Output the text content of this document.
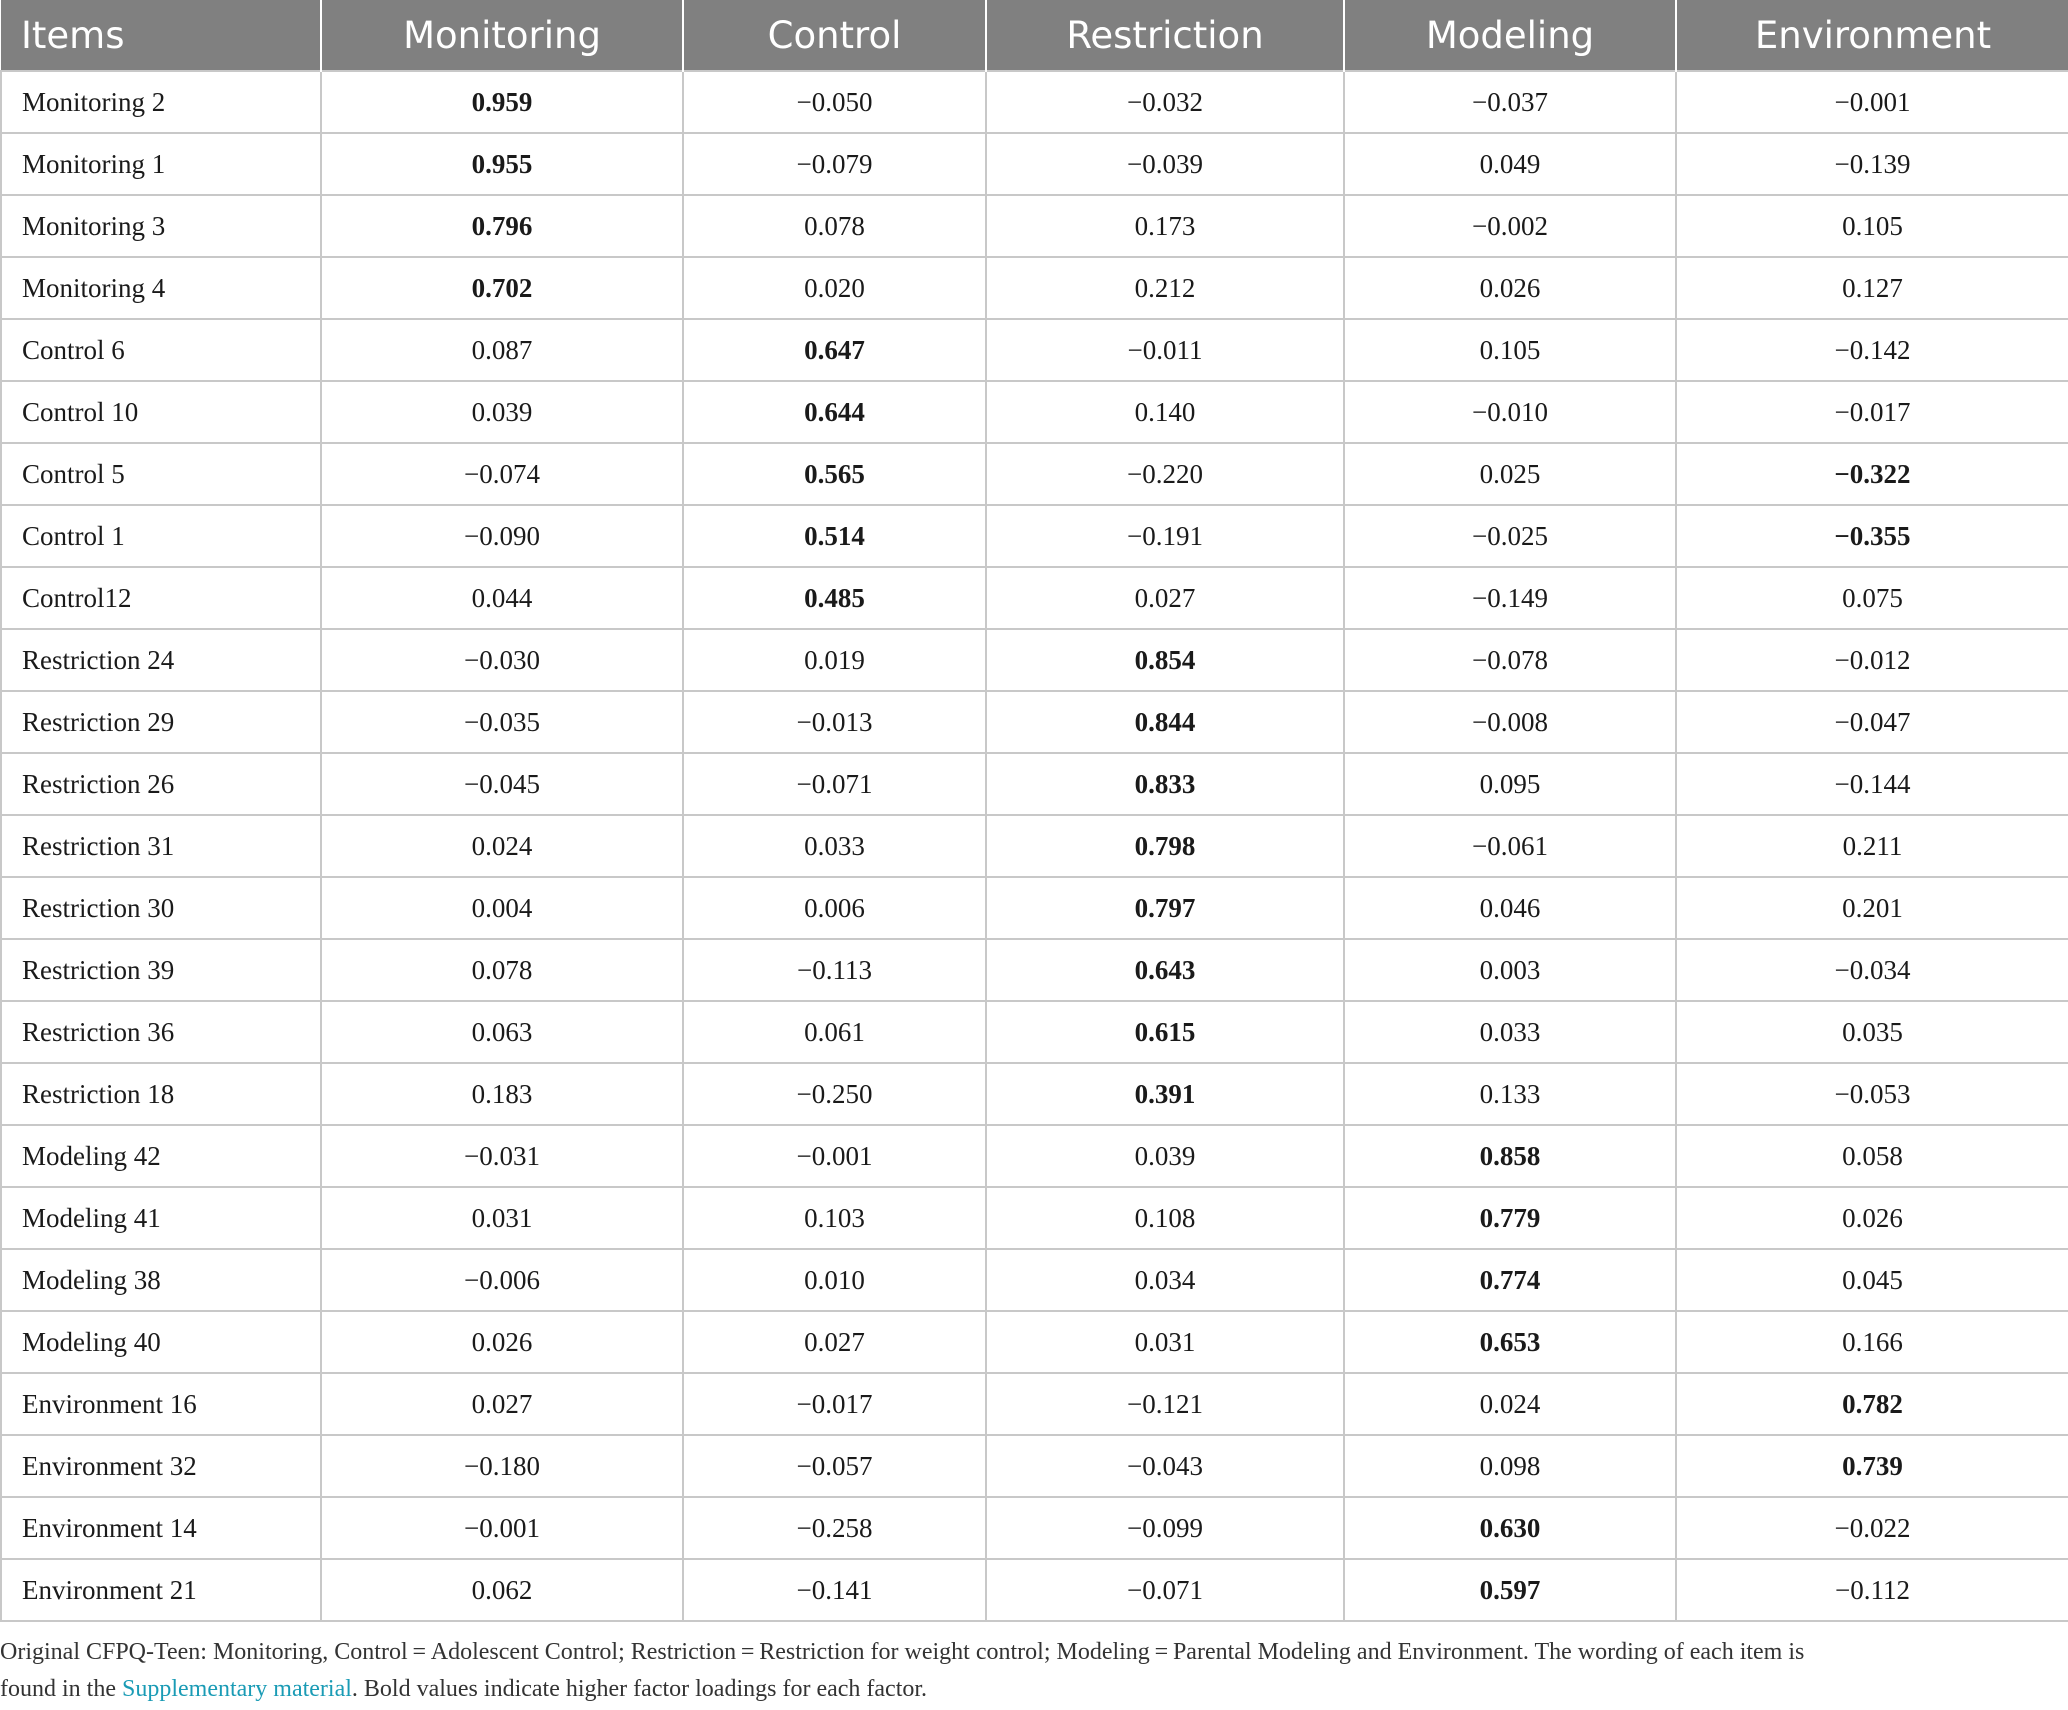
Items	Monitoring	Control	Restriction	Modeling	Environment
Monitoring 2	0.959	−0.050	−0.032	−0.037	−0.001
Monitoring 1	0.955	−0.079	−0.039	0.049	−0.139
Monitoring 3	0.796	0.078	0.173	−0.002	0.105
Monitoring 4	0.702	0.020	0.212	0.026	0.127
Control 6	0.087	0.647	−0.011	0.105	−0.142
Control 10	0.039	0.644	0.140	−0.010	−0.017
Control 5	−0.074	0.565	−0.220	0.025	−0.322
Control 1	−0.090	0.514	−0.191	−0.025	−0.355
Control12	0.044	0.485	0.027	−0.149	0.075
Restriction 24	−0.030	0.019	0.854	−0.078	−0.012
Restriction 29	−0.035	−0.013	0.844	−0.008	−0.047
Restriction 26	−0.045	−0.071	0.833	0.095	−0.144
Restriction 31	0.024	0.033	0.798	−0.061	0.211
Restriction 30	0.004	0.006	0.797	0.046	0.201
Restriction 39	0.078	−0.113	0.643	0.003	−0.034
Restriction 36	0.063	0.061	0.615	0.033	0.035
Restriction 18	0.183	−0.250	0.391	0.133	−0.053
Modeling 42	−0.031	−0.001	0.039	0.858	0.058
Modeling 41	0.031	0.103	0.108	0.779	0.026
Modeling 38	−0.006	0.010	0.034	0.774	0.045
Modeling 40	0.026	0.027	0.031	0.653	0.166
Environment 16	0.027	−0.017	−0.121	0.024	0.782
Environment 32	−0.180	−0.057	−0.043	0.098	0.739
Environment 14	−0.001	−0.258	−0.099	0.630	−0.022
Environment 21	0.062	−0.141	−0.071	0.597	−0.112
Original CFPQ-Teen: Monitoring, Control = Adolescent Control; Restriction = Restriction for weight control; Modeling = Parental Modeling and Environment. The wording of each item is
found in the Supplementary material. Bold values indicate higher factor loadings for each factor.
